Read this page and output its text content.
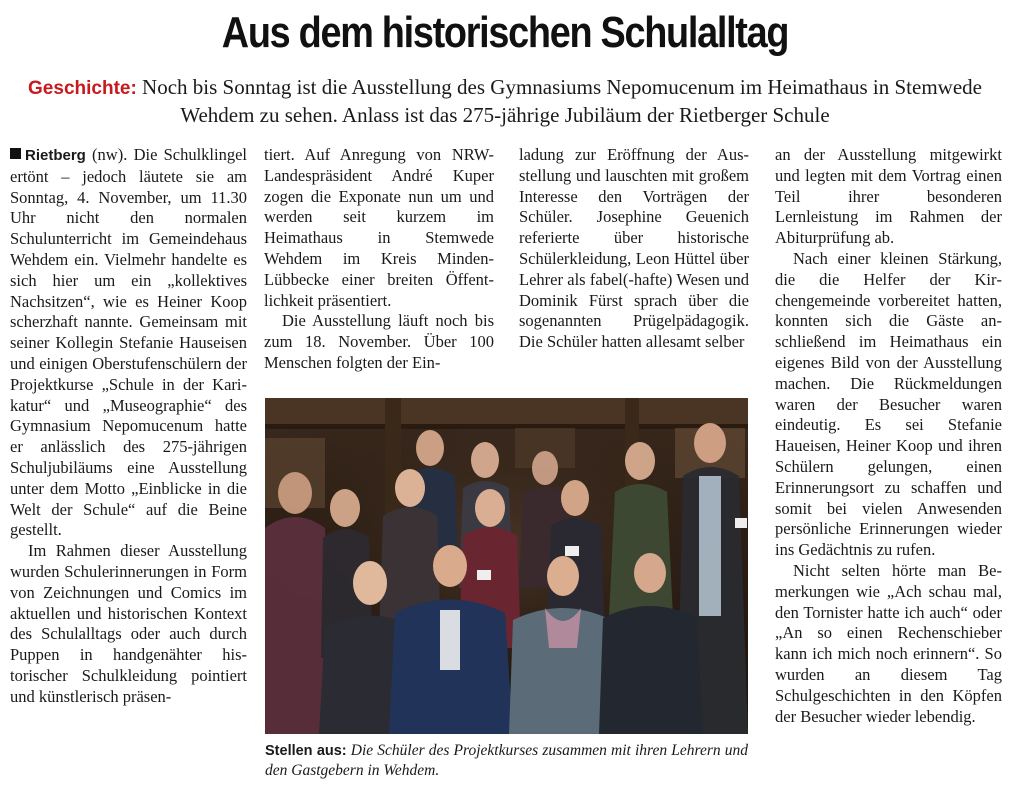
Aus dem historischen Schulalltag
Geschichte: Noch bis Sonntag ist die Ausstellung des Gymnasiums Nepomucenum im Heimathaus in Stemwede Wehdem zu sehen. Anlass ist das 275-jährige Jubiläum der Rietberger Schule

Rietberg (nw). Die Schulklingel ertönt – jedoch läutete sie am Sonntag, 4. November, um 11.30 Uhr nicht den normalen Schulunterricht im Gemeindehaus Wehdem ein. Vielmehr handelte es sich hier um ein „kollektives Nachsitzen“, wie es Heiner Koop scherzhaft nannte. Gemeinsam mit seiner Kollegin Stefanie Hauseisen und einigen Oberstufenschülern der Projektkurse „Schule in der Karikatur“ und „Museographie“ des Gymnasium Nepomucenum hatte er anlässlich des 275-jährigen Schuljubiläums eine Ausstellung unter dem Motto „Einblicke in die Welt der Schule“ auf die Beine gestellt.

Im Rahmen dieser Ausstellung wurden Schulerinnerungen in Form von Zeichnungen und Comics im aktuellen und historischen Kontext des Schulalltags oder auch durch Puppen in handgenähter historischer Schulkleidung pointiert und künstlerisch präsen-

tiert. Auf Anregung von NRW-Landespräsident André Kuper zogen die Exponate nun um und werden seit kurzem im Heimathaus in Stemwede Wehdem im Kreis Minden-Lübbecke einer breiten Öffentlichkeit präsentiert.

Die Ausstellung läuft noch bis zum 18. November. Über 100 Menschen folgten der Ein-

ladung zur Eröffnung der Ausstellung und lauschten mit großem Interesse den Vorträgen der Schüler. Josephine Geuenich referierte über historische Schülerkleidung, Leon Hüttel über Lehrer als fabel(-hafte) Wesen und Dominik Fürst sprach über die sogenannten Prügelpädagogik. Die Schüler hatten allesamt selber

an der Ausstellung mitgewirkt und legten mit dem Vortrag einen Teil ihrer besonderen Lernleistung im Rahmen der Abiturprüfung ab.

Nach einer kleinen Stärkung, die die Helfer der Kirchengemeinde vorbereitet hatten, konnten sich die Gäste anschließend im Heimathaus ein eigenes Bild von der Ausstellung machen. Die Rückmeldungen waren der Besucher waren eindeutig. Es sei Stefanie Haueisen, Heiner Koop und ihren Schülern gelungen, einen Erinnerungsort zu schaffen und somit bei vielen Anwesenden persönliche Erinnerungen wieder ins Gedächtnis zu rufen.

Nicht selten hörte man Bemerkungen wie „Ach schau mal, den Tornister hatte ich auch“ oder „An so einen Rechenschieber kann ich mich noch erinnern“. So wurden an diesem Tag Schulgeschichten in den Köpfen der Besucher wieder lebendig.

Stellen aus: Die Schüler des Projektkurses zusammen mit ihren Lehrern und den Gastgebern in Wehdem.
